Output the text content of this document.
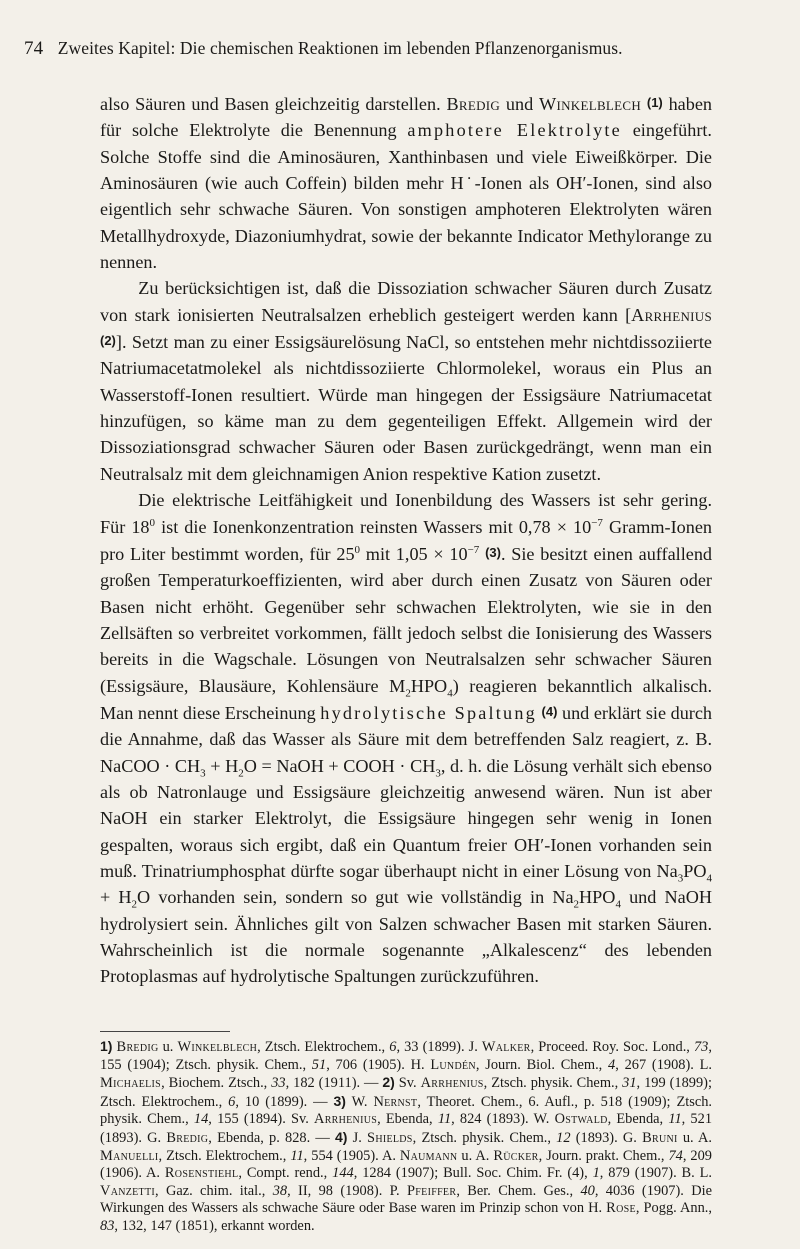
74 Zweites Kapitel: Die chemischen Reaktionen im lebenden Pflanzenorganismus.

also Säuren und Basen gleichzeitig darstellen. Bredig und Winkelblech (1) haben für solche Elektrolyte die Benennung amphotere Elektrolyte eingeführt. Solche Stoffe sind die Aminosäuren, Xanthinbasen und viele Eiweißkörper. Die Aminosäuren (wie auch Coffein) bilden mehr H˙-Ionen als OH′-Ionen, sind also eigentlich sehr schwache Säuren. Von sonstigen amphoteren Elektrolyten wären Metallhydroxyde, Diazoniumhydrat, sowie der bekannte Indicator Methylorange zu nennen.

Zu berücksichtigen ist, daß die Dissoziation schwacher Säuren durch Zusatz von stark ionisierten Neutralsalzen erheblich gesteigert werden kann [Arrhenius (2)]. Setzt man zu einer Essigsäurelösung NaCl, so entstehen mehr nichtdissoziierte Natriumacetatmolekel als nichtdissoziierte Chlormolekel, woraus ein Plus an Wasserstoff-Ionen resultiert. Würde man hingegen der Essigsäure Natriumacetat hinzufügen, so käme man zu dem gegenteiligen Effekt. Allgemein wird der Dissoziationsgrad schwacher Säuren oder Basen zurückgedrängt, wenn man ein Neutralsalz mit dem gleichnamigen Anion respektive Kation zusetzt.

Die elektrische Leitfähigkeit und Ionenbildung des Wassers ist sehr gering. Für $18^0$ ist die Ionenkonzentration reinsten Wassers mit $0,78 \times 10^{-7}$ Gramm-Ionen pro Liter bestimmt worden, für $25^0$ mit $1,05 \times 10^{-7}$ (3). Sie besitzt einen auffallend großen Temperaturkoeffizienten, wird aber durch einen Zusatz von Säuren oder Basen nicht erhöht. Gegenüber sehr schwachen Elektrolyten, wie sie in den Zellsäften so verbreitet vorkommen, fällt jedoch selbst die Ionisierung des Wassers bereits in die Wagschale. Lösungen von Neutralsalzen sehr schwacher Säuren (Essigsäure, Blausäure, Kohlensäure $M_2HPO_4$) reagieren bekanntlich alkalisch. Man nennt diese Erscheinung hydrolytische Spaltung (4) und erklärt sie durch die Annahme, daß das Wasser als Säure mit dem betreffenden Salz reagiert, z. B. NaCOO · $CH_3 + H_2O$ = NaOH + COOH · $CH_3$, d. h. die Lösung verhält sich ebenso als ob Natronlauge und Essigsäure gleichzeitig anwesend wären. Nun ist aber NaOH ein starker Elektrolyt, die Essigsäure hingegen sehr wenig in Ionen gespalten, woraus sich ergibt, daß ein Quantum freier OH′-Ionen vorhanden sein muß. Trinatriumphosphat dürfte sogar überhaupt nicht in einer Lösung von $Na_3PO_4 + H_2O$ vorhanden sein, sondern so gut wie vollständig in $Na_2HPO_4$ und NaOH hydrolysiert sein. Ähnliches gilt von Salzen schwacher Basen mit starken Säuren. Wahrscheinlich ist die normale sogenannte „Alkalescenz“ des lebenden Protoplasmas auf hydrolytische Spaltungen zurückzuführen.

1) Bredig u. Winkelblech, Ztsch. Elektrochem., 6, 33 (1899). J. Walker, Proceed. Roy. Soc. Lond., 73, 155 (1904); Ztsch. physik. Chem., 51, 706 (1905). H. Lundén, Journ. Biol. Chem., 4, 267 (1908). L. Michaelis, Biochem. Ztsch., 33, 182 (1911). — 2) Sv. Arrhenius, Ztsch. physik. Chem., 31, 199 (1899); Ztsch. Elektrochem., 6, 10 (1899). — 3) W. Nernst, Theoret. Chem., 6. Aufl., p. 518 (1909); Ztsch. physik. Chem., 14, 155 (1894). Sv. Arrhenius, Ebenda, 11, 824 (1893). W. Ostwald, Ebenda, 11, 521 (1893). G. Bredig, Ebenda, p. 828. — 4) J. Shields, Ztsch. physik. Chem., 12 (1893). G. Bruni u. A. Manuelli, Ztsch. Elektrochem., 11, 554 (1905). A. Naumann u. A. Rücker, Journ. prakt. Chem., 74, 209 (1906). A. Rosenstiehl, Compt. rend., 144, 1284 (1907); Bull. Soc. Chim. Fr. (4), 1, 879 (1907). B. L. Vanzetti, Gaz. chim. ital., 38, II, 98 (1908). P. Pfeiffer, Ber. Chem. Ges., 40, 4036 (1907). Die Wirkungen des Wassers als schwache Säure oder Base waren im Prinzip schon von H. Rose, Pogg. Ann., 83, 132, 147 (1851), erkannt worden.
